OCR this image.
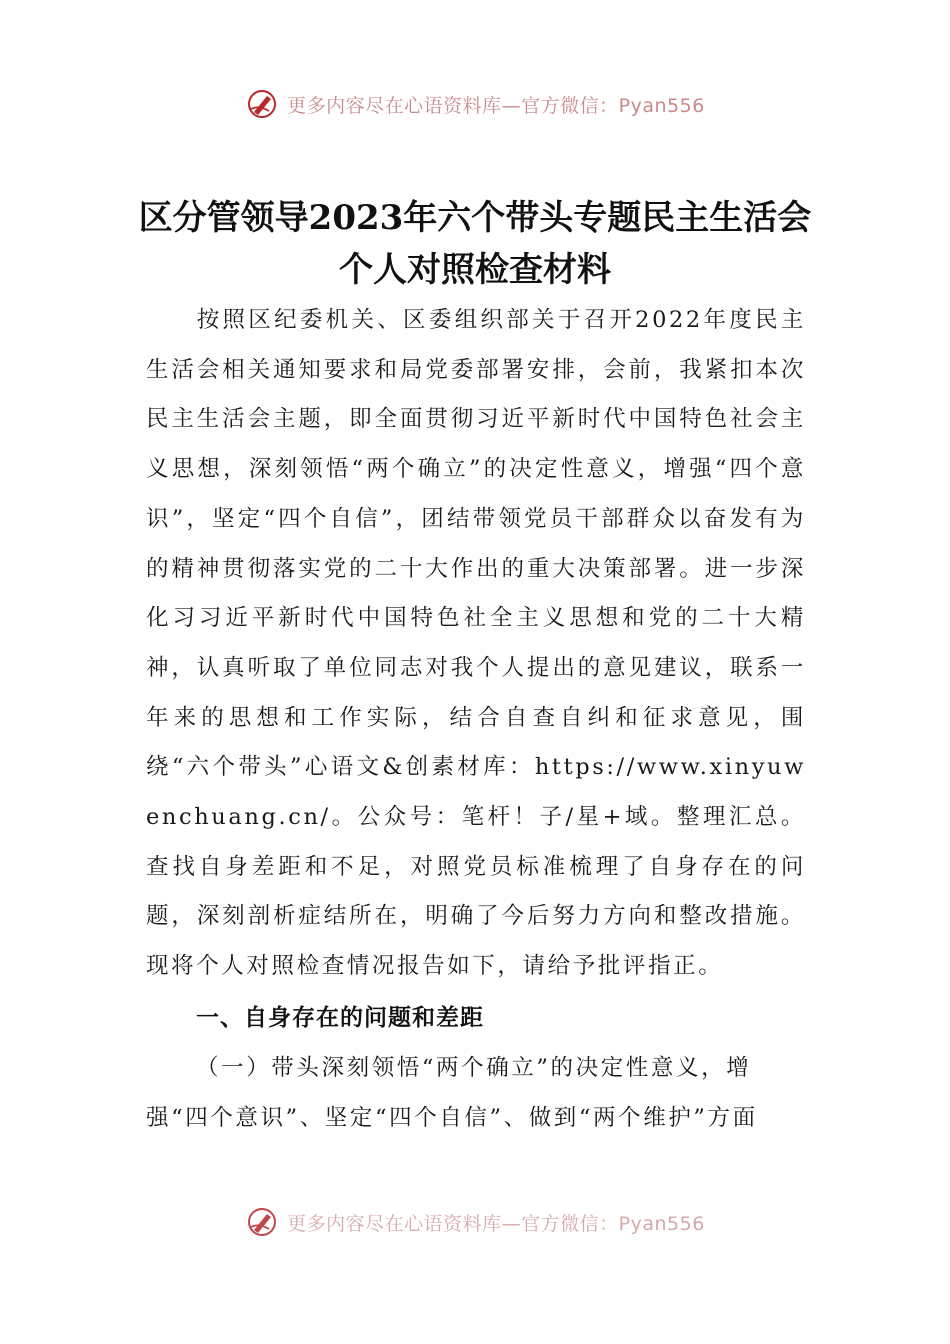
更多内容尽在心语资料库—官方微信：Pyan556
区分管领导2023年六个带头专题民主生活会个人对照检查材料

按照区纪委机关、区委组织部关于召开2022年度民主生活会相关通知要求和局党委部署安排，会前，我紧扣本次民主生活会主题，即全面贯彻习近平新时代中国特色社会主义思想，深刻领悟“两个确立”的决定性意义，增强“四个意识”，坚定“四个自信”，团结带领党员干部群众以奋发有为的精神贯彻落实党的二十大作出的重大决策部署。进一步深化习习近平新时代中国特色社全主义思想和党的二十大精神，认真听取了单位同志对我个人提出的意见建议，联系一年来的思想和工作实际，结合自查自纠和征求意见，围绕“六个带头”心语文&创素材库：https://www.xinyuwenchuang.cn/。公众号：笔杆！子/星+域。整理汇总。查找自身差距和不足，对照党员标准梳理了自身存在的问题，深刻剖析症结所在，明确了今后努力方向和整改措施。现将个人对照检查情况报告如下，请给予批评指正。

一、自身存在的问题和差距

（一）带头深刻领悟“两个确立”的决定性意义，增强“四个意识”、坚定“四个自信”、做到“两个维护”方面

更多内容尽在心语资料库—官方微信：Pyan556
